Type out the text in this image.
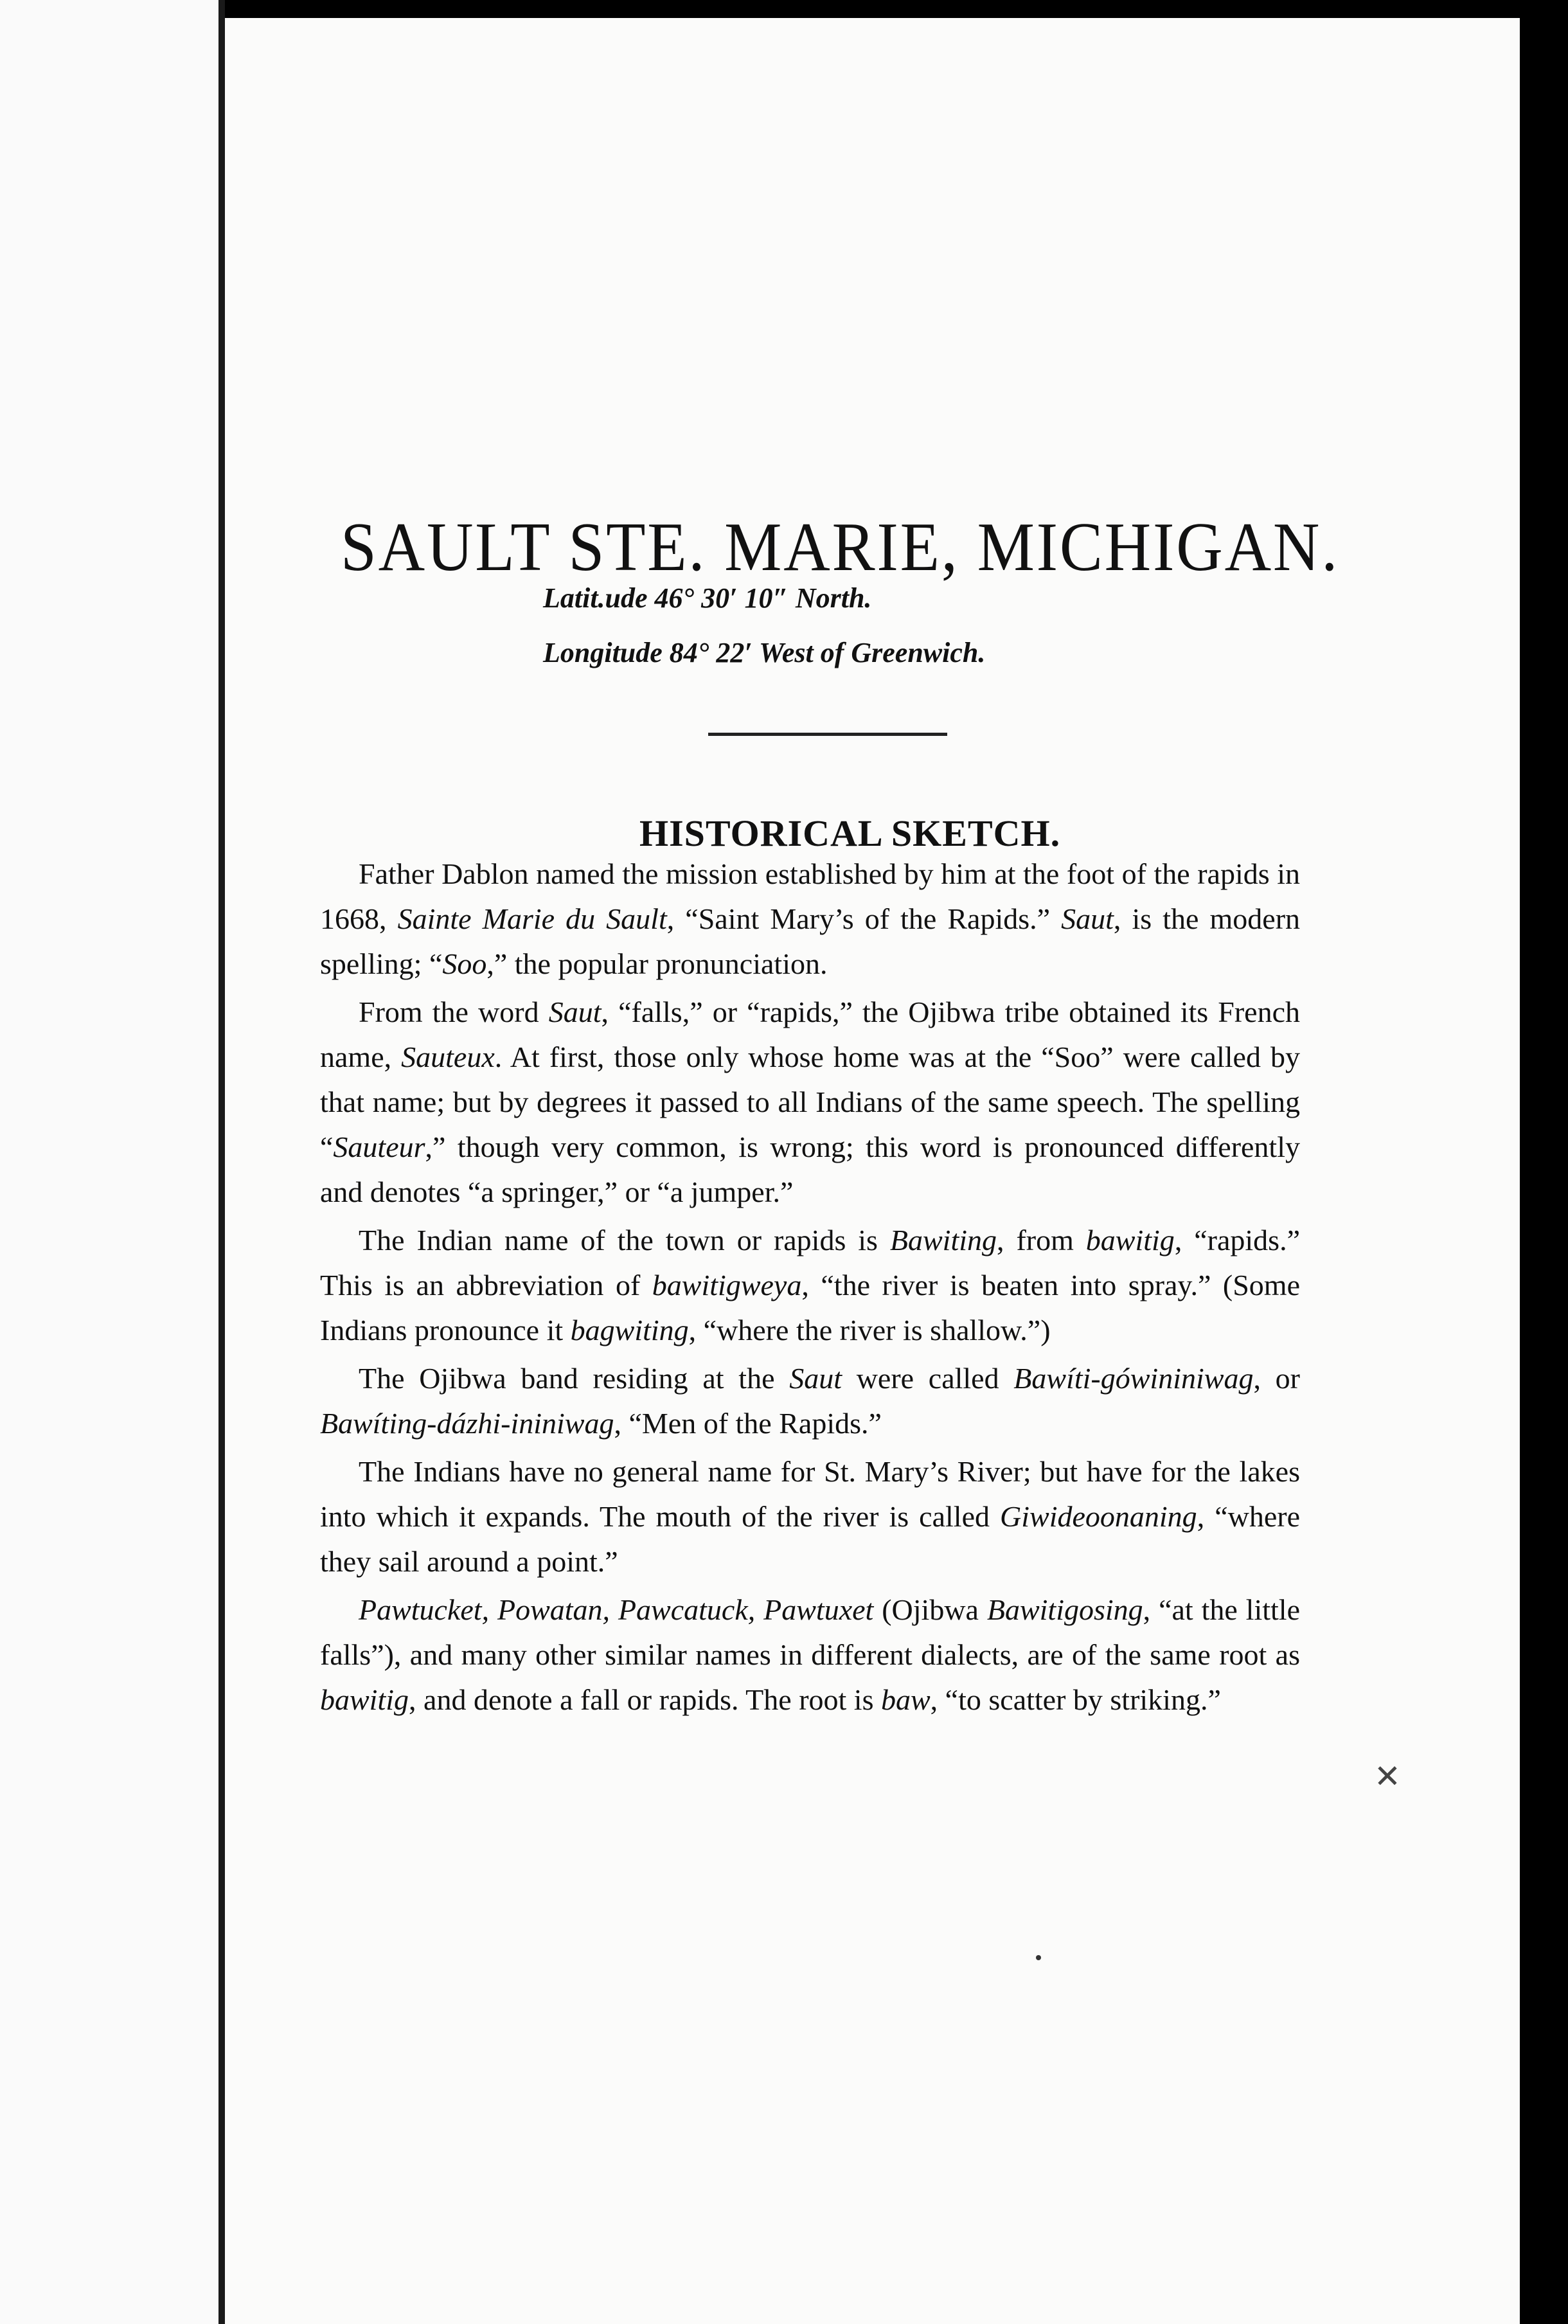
SAULT STE. MARIE, MICHIGAN.
Latit.ude 46° 30′ 10″ North.
Longitude 84° 22′ West of Greenwich.
HISTORICAL SKETCH.

Father Dablon named the mission established by him at the foot of the rapids in 1668, Sainte Marie du Sault, “Saint Mary’s of the Rapids.” Saut, is the modern spelling; “Soo,” the popular pronunciation.

From the word Saut, “falls,” or “rapids,” the Ojibwa tribe obtained its French name, Sauteux. At first, those only whose home was at the “Soo” were called by that name; but by degrees it passed to all Indians of the same speech. The spelling “Sauteur,” though very common, is wrong; this word is pronounced differently and denotes “a springer,” or “a jumper.”

The Indian name of the town or rapids is Bawiting, from bawitig, “rapids.” This is an abbreviation of bawitigweya, “the river is beaten into spray.” (Some Indians pronounce it bagwiting, “where the river is shallow.”)

The Ojibwa band residing at the Saut were called Bawíti-gówininiwag, or Bawíting-dázhi-ininiwag, “Men of the Rapids.”

The Indians have no general name for St. Mary’s River; but have for the lakes into which it expands. The mouth of the river is called Giwideoonaning, “where they sail around a point.”

Pawtucket, Powatan, Pawcatuck, Pawtuxet (Ojibwa Bawitigosing, “at the little falls”), and many other similar names in different dialects, are of the same root as bawitig, and denote a fall or rapids. The root is baw, “to scatter by striking.”

✕
